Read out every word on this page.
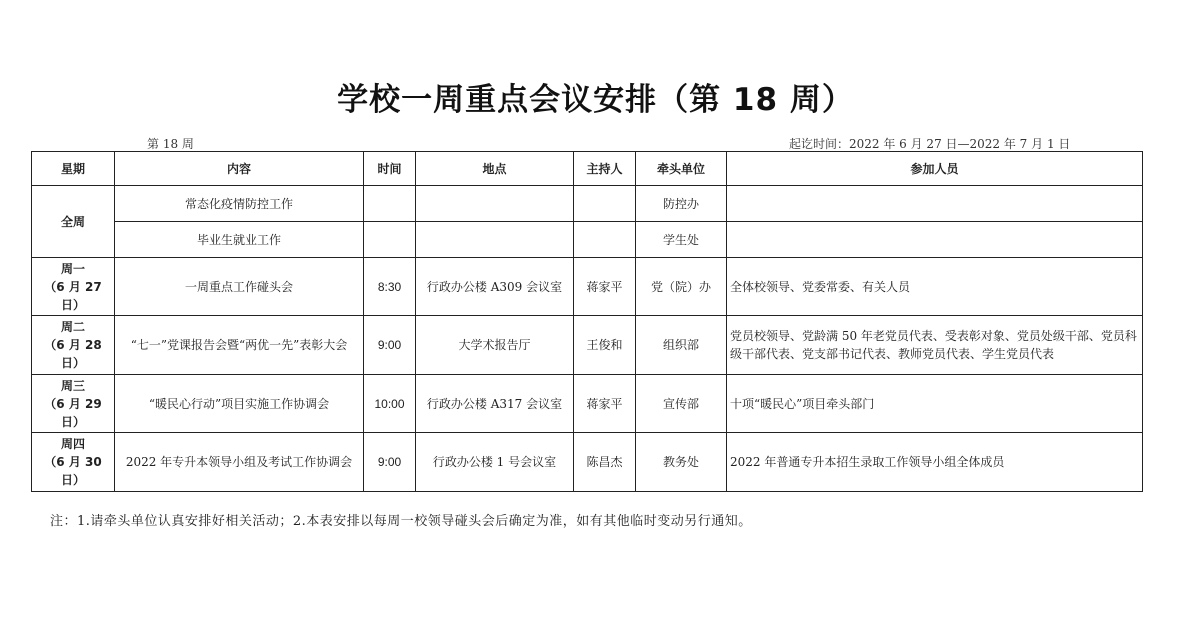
学校一周重点会议安排（第 18 周）
第 18 周	起讫时间：2022 年 6 月 27 日—2022 年 7 月 1 日
星期	内容	时间	地点	主持人	牵头单位	参加人员
全周	常态化疫情防控工作				防控办	
	毕业生就业工作				学生处	

周一
（6 月 27
日）	一周重点工作碰头会	8:30	行政办公楼 A309 会议室	蒋家平	党（院）办	全体校领导、党委常委、有关人员

周二
（6 月 28
日）	“七一”党课报告会暨“两优一先”表彰大会	9:00	大学术报告厅	王俊和	组织部	党员校领导、党龄满 50 年老党员代表、受表彰对象、党员处级干部、党员科级干部代表、党支部书记代表、教师党员代表、学生党员代表

周三
（6 月 29
日）	“暖民心行动”项目实施工作协调会	10:00	行政办公楼 A317 会议室	蒋家平	宣传部	十项“暖民心”项目牵头部门

周四
（6 月 30
日）	2022 年专升本领导小组及考试工作协调会	9:00	行政办公楼 1 号会议室	陈昌杰	教务处	2022 年普通专升本招生录取工作领导小组全体成员
注：1.请牵头单位认真安排好相关活动；2.本表安排以每周一校领导碰头会后确定为准，如有其他临时变动另行通知。
